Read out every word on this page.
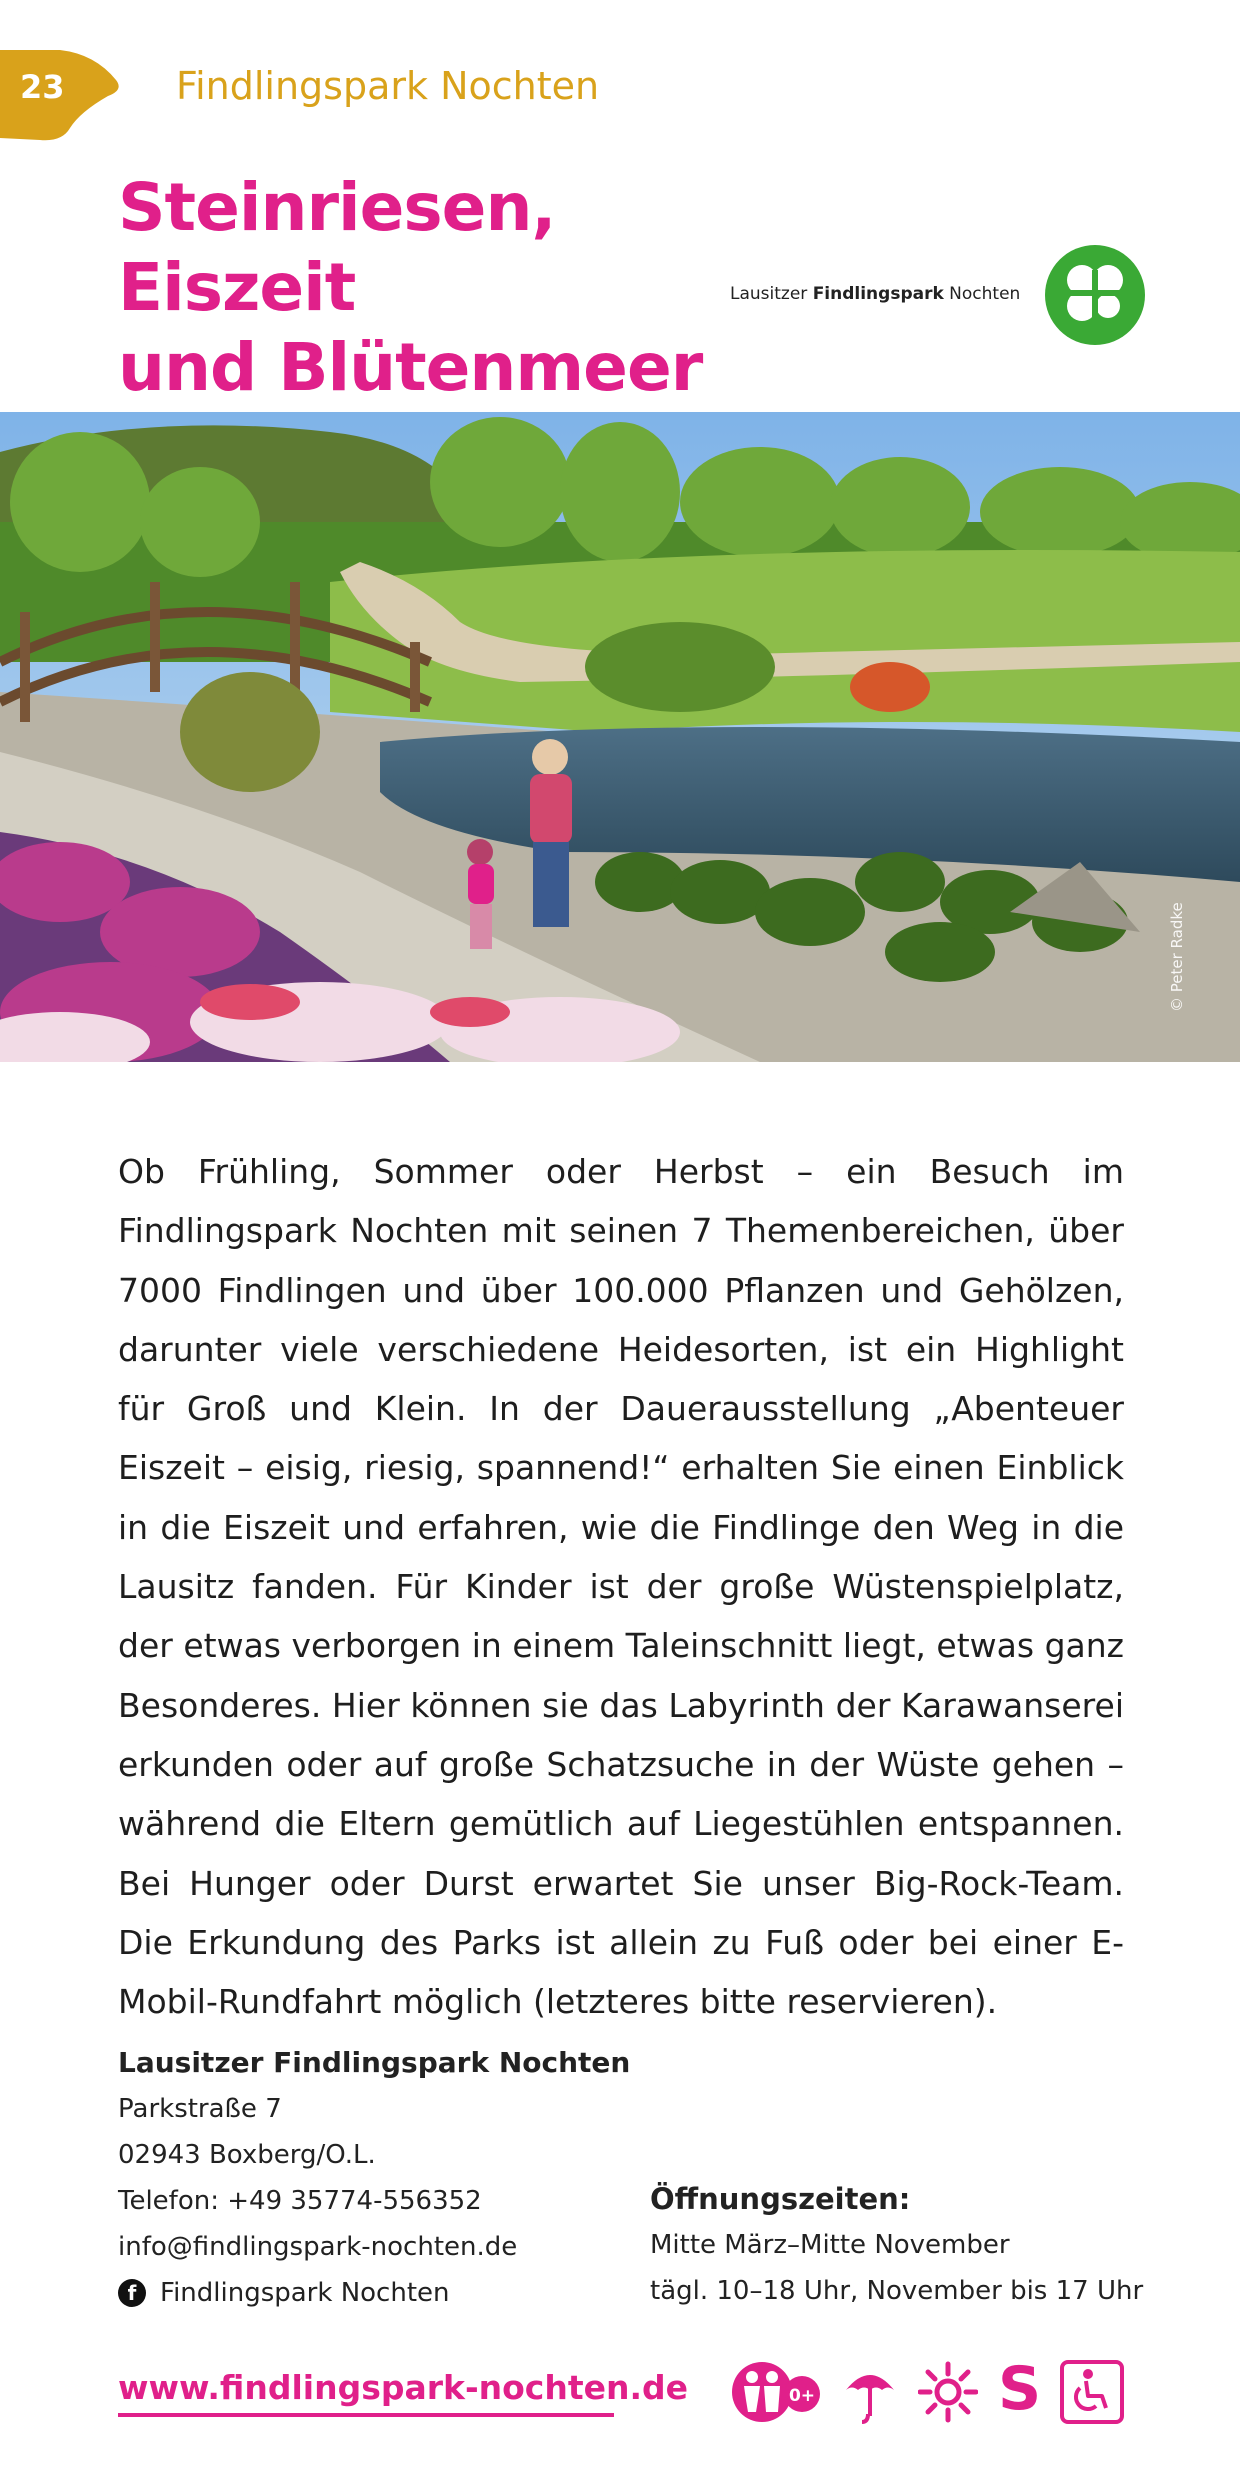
23	Findlingspark Nochten
Steinriesen, Eiszeit
und Blütenmeer
Lausitzer Findlingspark Nochten
© Peter Radke

Ob Frühling, Sommer oder Herbst – ein Besuch im Findlingspark Nochten mit seinen 7 Themenbereichen, über 7000 Findlingen und über 100.000 Pflanzen und Gehölzen, darunter viele verschiedene Heidesorten, ist ein Highlight für Groß und Klein. In der Dauerausstellung „Abenteuer Eiszeit – eisig, riesig, spannend!“ erhalten Sie einen Einblick in die Eiszeit und erfahren, wie die Findlinge den Weg in die Lausitz fanden. Für Kinder ist der große Wüstenspielplatz, der etwas verborgen in einem Taleinschnitt liegt, etwas ganz Besonderes. Hier können sie das Labyrinth der Karawanserei erkunden oder auf große Schatzsuche in der Wüste gehen – während die Eltern gemütlich auf Liegestühlen entspannen. Bei Hunger oder Durst erwartet Sie unser Big-Rock-Team. Die Erkundung des Parks ist allein zu Fuß oder bei einer E-Mobil-Rundfahrt möglich (letzteres bitte reservieren).

Lausitzer Findlingspark Nochten
Parkstraße 7
02943 Boxberg/O.L.
Telefon: +49 35774-556352
info@findlingspark-nochten.de
f Findlingspark Nochten
Öffnungszeiten:
Mitte März–Mitte November
tägl. 10–18 Uhr, November bis 17 Uhr
www.findlingspark-nochten.de	0+	S
